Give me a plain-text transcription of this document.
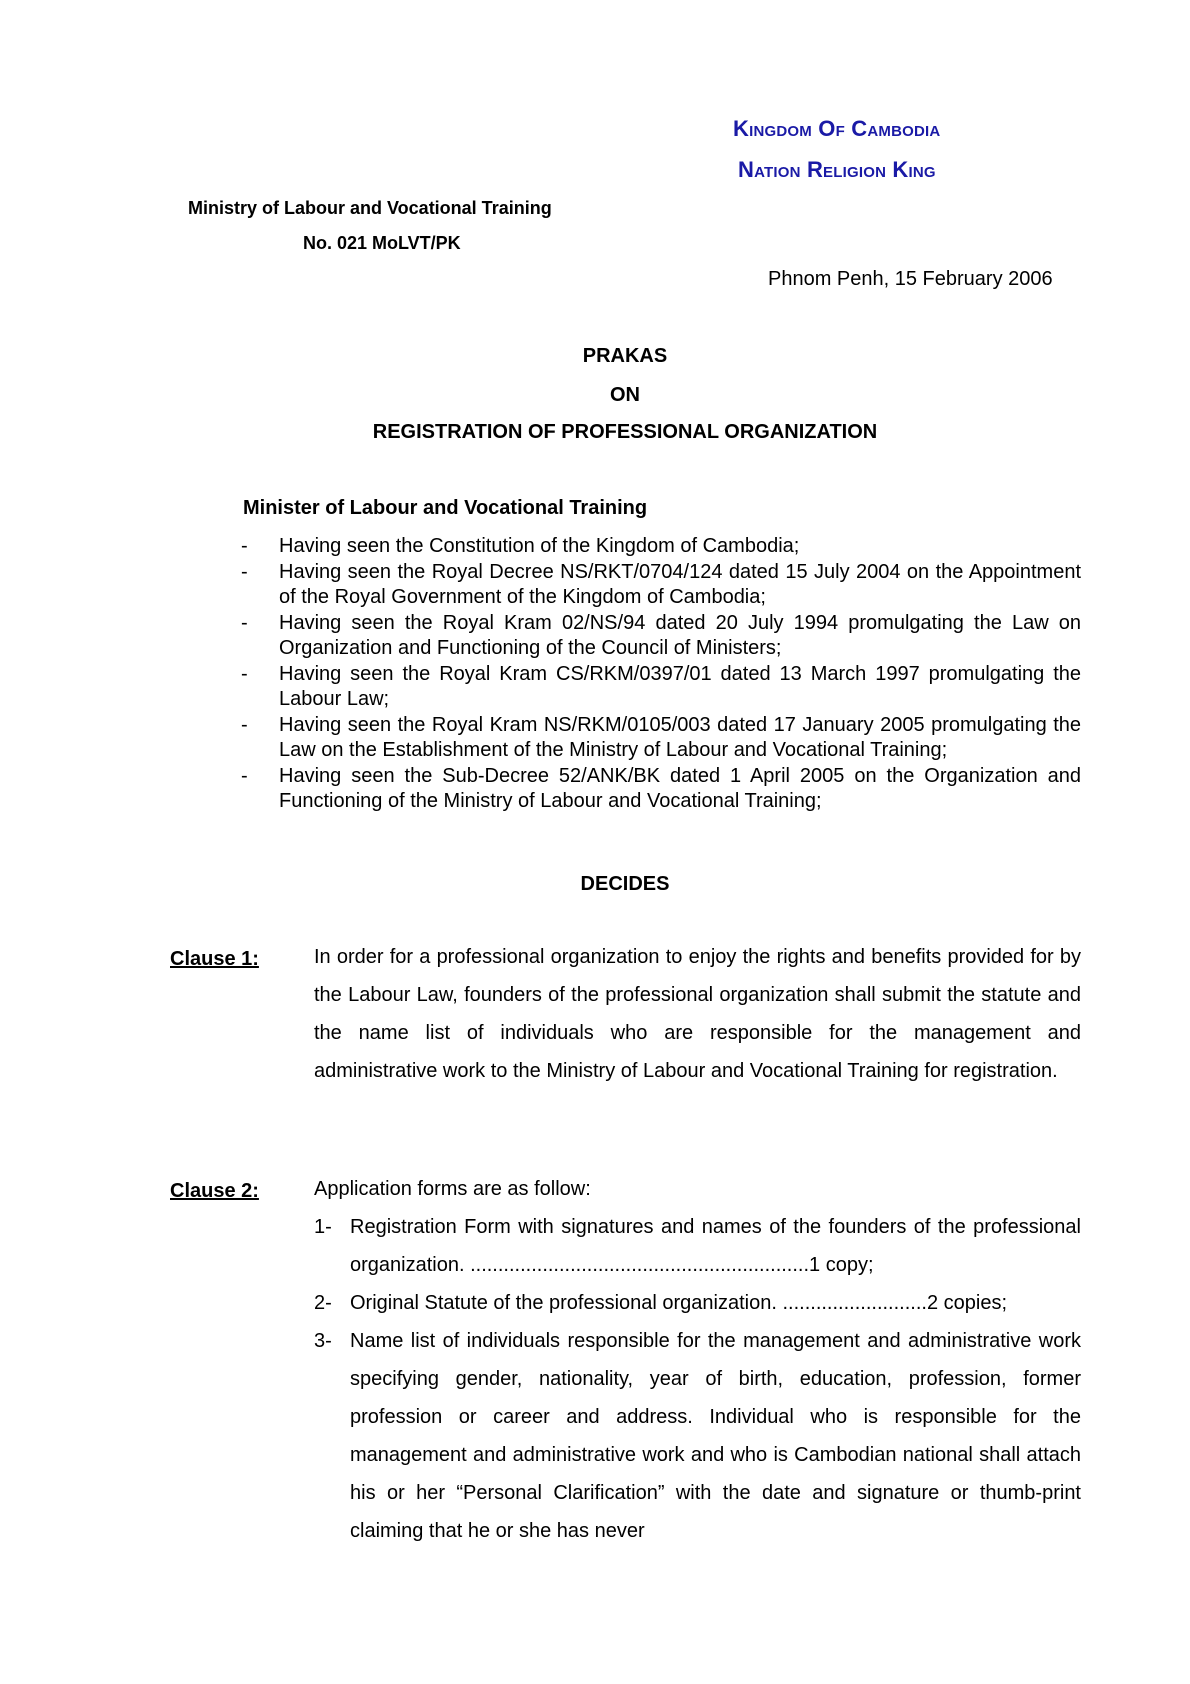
Kingdom Of Cambodia
Nation Religion King
Ministry of Labour and Vocational Training
No. 021 MoLVT/PK
Phnom Penh, 15 February 2006
PRAKAS
ON
REGISTRATION OF PROFESSIONAL ORGANIZATION
Minister of Labour and Vocational Training
-	Having seen the Constitution of the Kingdom of Cambodia;
-	Having seen the Royal Decree NS/RKT/0704/124 dated 15 July 2004 on the Appointment of the Royal Government of the Kingdom of Cambodia;
-	Having seen the Royal Kram 02/NS/94 dated 20 July 1994 promulgating the Law on Organization and Functioning of the Council of Ministers;
-	Having seen the Royal Kram CS/RKM/0397/01 dated 13 March 1997 promulgating the Labour Law;
-	Having seen the Royal Kram NS/RKM/0105/003 dated 17 January 2005 promulgating the Law on the Establishment of the Ministry of Labour and Vocational Training;
-	Having seen the Sub-Decree 52/ANK/BK dated 1 April 2005 on the Organization and Functioning of the Ministry of Labour and Vocational Training;
DECIDES
Clause 1:	In order for a professional organization to enjoy the rights and benefits provided for by the Labour Law, founders of the professional organization shall submit the statute and the name list of individuals who are responsible for the management and administrative work to the Ministry of Labour and Vocational Training for registration.
Clause 2:	Application forms are as follow:
1- Registration Form with signatures and names of the founders of the professional organization. .............................................................1 copy;
2- Original Statute of the professional organization. ..........................2 copies;
3- Name list of individuals responsible for the management and administrative work specifying gender, nationality, year of birth, education, profession, former profession or career and address. Individual who is responsible for the management and administrative work and who is Cambodian national shall attach his or her “Personal Clarification” with the date and signature or thumb-print claiming that he or she has never
